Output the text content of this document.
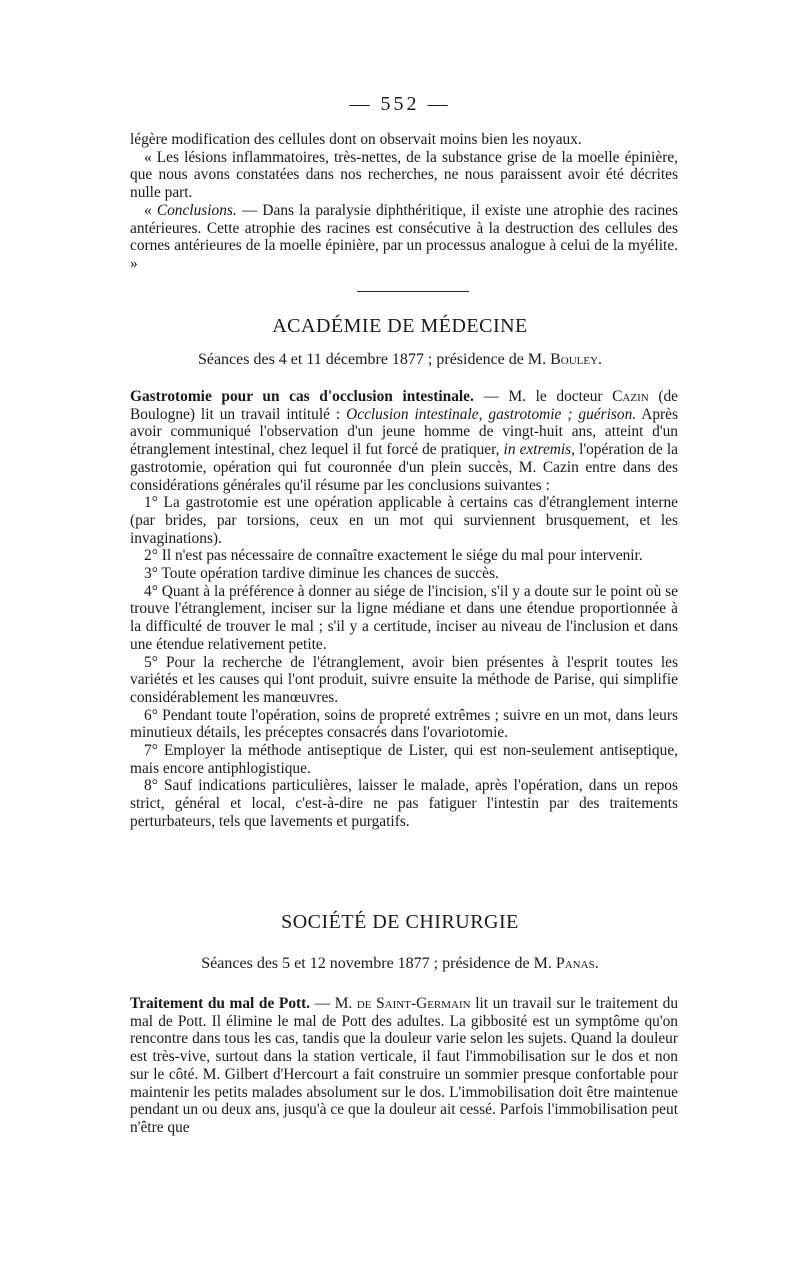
— 552 —

légère modification des cellules dont on observait moins bien les noyaux.

« Les lésions inflammatoires, très-nettes, de la substance grise de la moelle épinière, que nous avons constatées dans nos recherches, ne nous paraissent avoir été décrites nulle part.

« Conclusions. — Dans la paralysie diphthéritique, il existe une atrophie des racines antérieures. Cette atrophie des racines est consécutive à la destruction des cellules des cornes antérieures de la moelle épinière, par un processus analogue à celui de la myélite. »

ACADÉMIE DE MÉDECINE
Séances des 4 et 11 décembre 1877 ; présidence de M. Bouley.

Gastrotomie pour un cas d'occlusion intestinale. — M. le docteur Cazin (de Boulogne) lit un travail intitulé : Occlusion intestinale, gastrotomie ; guérison. Après avoir communiqué l'observation d'un jeune homme de vingt-huit ans, atteint d'un étranglement intestinal, chez lequel il fut forcé de pratiquer, in extremis, l'opération de la gastrotomie, opération qui fut couronnée d'un plein succès, M. Cazin entre dans des considérations générales qu'il résume par les conclusions suivantes :

1° La gastrotomie est une opération applicable à certains cas d'étranglement interne (par brides, par torsions, ceux en un mot qui surviennent brusquement, et les invaginations).

2° Il n'est pas nécessaire de connaître exactement le siége du mal pour intervenir.

3° Toute opération tardive diminue les chances de succès.

4° Quant à la préférence à donner au siége de l'incision, s'il y a doute sur le point où se trouve l'étranglement, inciser sur la ligne médiane et dans une étendue proportionnée à la difficulté de trouver le mal ; s'il y a certitude, inciser au niveau de l'inclusion et dans une étendue relativement petite.

5° Pour la recherche de l'étranglement, avoir bien présentes à l'esprit toutes les variétés et les causes qui l'ont produit, suivre ensuite la méthode de Parise, qui simplifie considérablement les manœuvres.

6° Pendant toute l'opération, soins de propreté extrêmes ; suivre en un mot, dans leurs minutieux détails, les préceptes consacrés dans l'ovariotomie.

7° Employer la méthode antiseptique de Lister, qui est non-seulement antiseptique, mais encore antiphlogistique.

8° Sauf indications particulières, laisser le malade, après l'opération, dans un repos strict, général et local, c'est-à-dire ne pas fatiguer l'intestin par des traitements perturbateurs, tels que lavements et purgatifs.

SOCIÉTÉ DE CHIRURGIE
Séances des 5 et 12 novembre 1877 ; présidence de M. Panas.

Traitement du mal de Pott. — M. de Saint-Germain lit un travail sur le traitement du mal de Pott. Il élimine le mal de Pott des adultes. La gibbosité est un symptôme qu'on rencontre dans tous les cas, tandis que la douleur varie selon les sujets. Quand la douleur est très-vive, surtout dans la station verticale, il faut l'immobilisation sur le dos et non sur le côté. M. Gilbert d'Hercourt a fait construire un sommier presque confortable pour maintenir les petits malades absolument sur le dos. L'immobilisation doit être maintenue pendant un ou deux ans, jusqu'à ce que la douleur ait cessé. Parfois l'immobilisation peut n'être que
